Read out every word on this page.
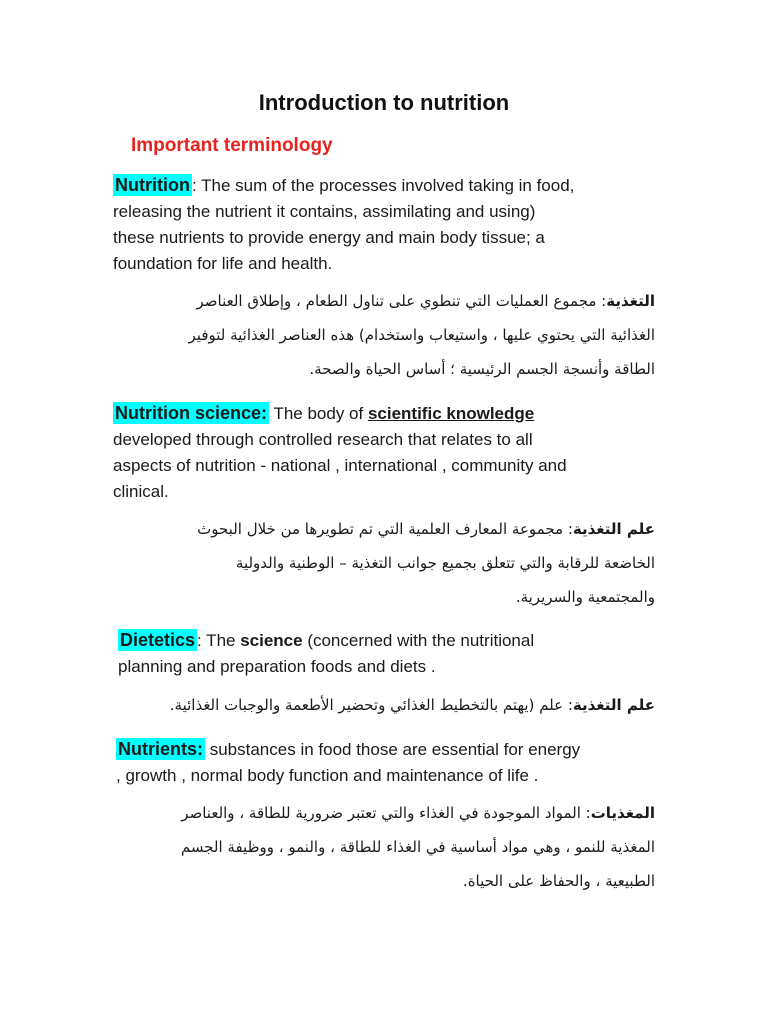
Introduction to nutrition
Important terminology
Nutrition : The sum of the processes involved taking in food,
releasing the nutrient it contains, assimilating and using)
these nutrients to provide energy and main body tissue; a
foundation for life and health.
التغذية: مجموع العمليات التي تنطوي على تناول الطعام ، وإطلاق العناصر
الغذائية التي يحتوي عليها ، واستيعاب واستخدام) هذه العناصر الغذائية لتوفير
الطاقة وأنسجة الجسم الرئيسية ؛ أساس الحياة والصحة.
Nutrition science: The body of scientific knowledge
developed through controlled research that relates to all
aspects of nutrition - national , international , community and
clinical.
علم التغذية: مجموعة المعارف العلمية التي تم تطويرها من خلال البحوث
الخاضعة للرقابة والتي تتعلق بجميع جوانب التغذية – الوطنية والدولية
والمجتمعية والسريرية.
Dietetics : The science (concerned with the nutritional
planning and preparation foods and diets .
علم التغذية: علم (يهتم بالتخطيط الغذائي وتحضير الأطعمة والوجبات الغذائية.
Nutrients: substances in food those are essential for energy
, growth , normal body function and maintenance of life .
المغذيات: المواد الموجودة في الغذاء والتي تعتبر ضرورية للطاقة ، والعناصر
المغذية للنمو ، وهي مواد أساسية في الغذاء للطاقة ، والنمو ، ووظيفة الجسم
الطبيعية ، والحفاظ على الحياة.
